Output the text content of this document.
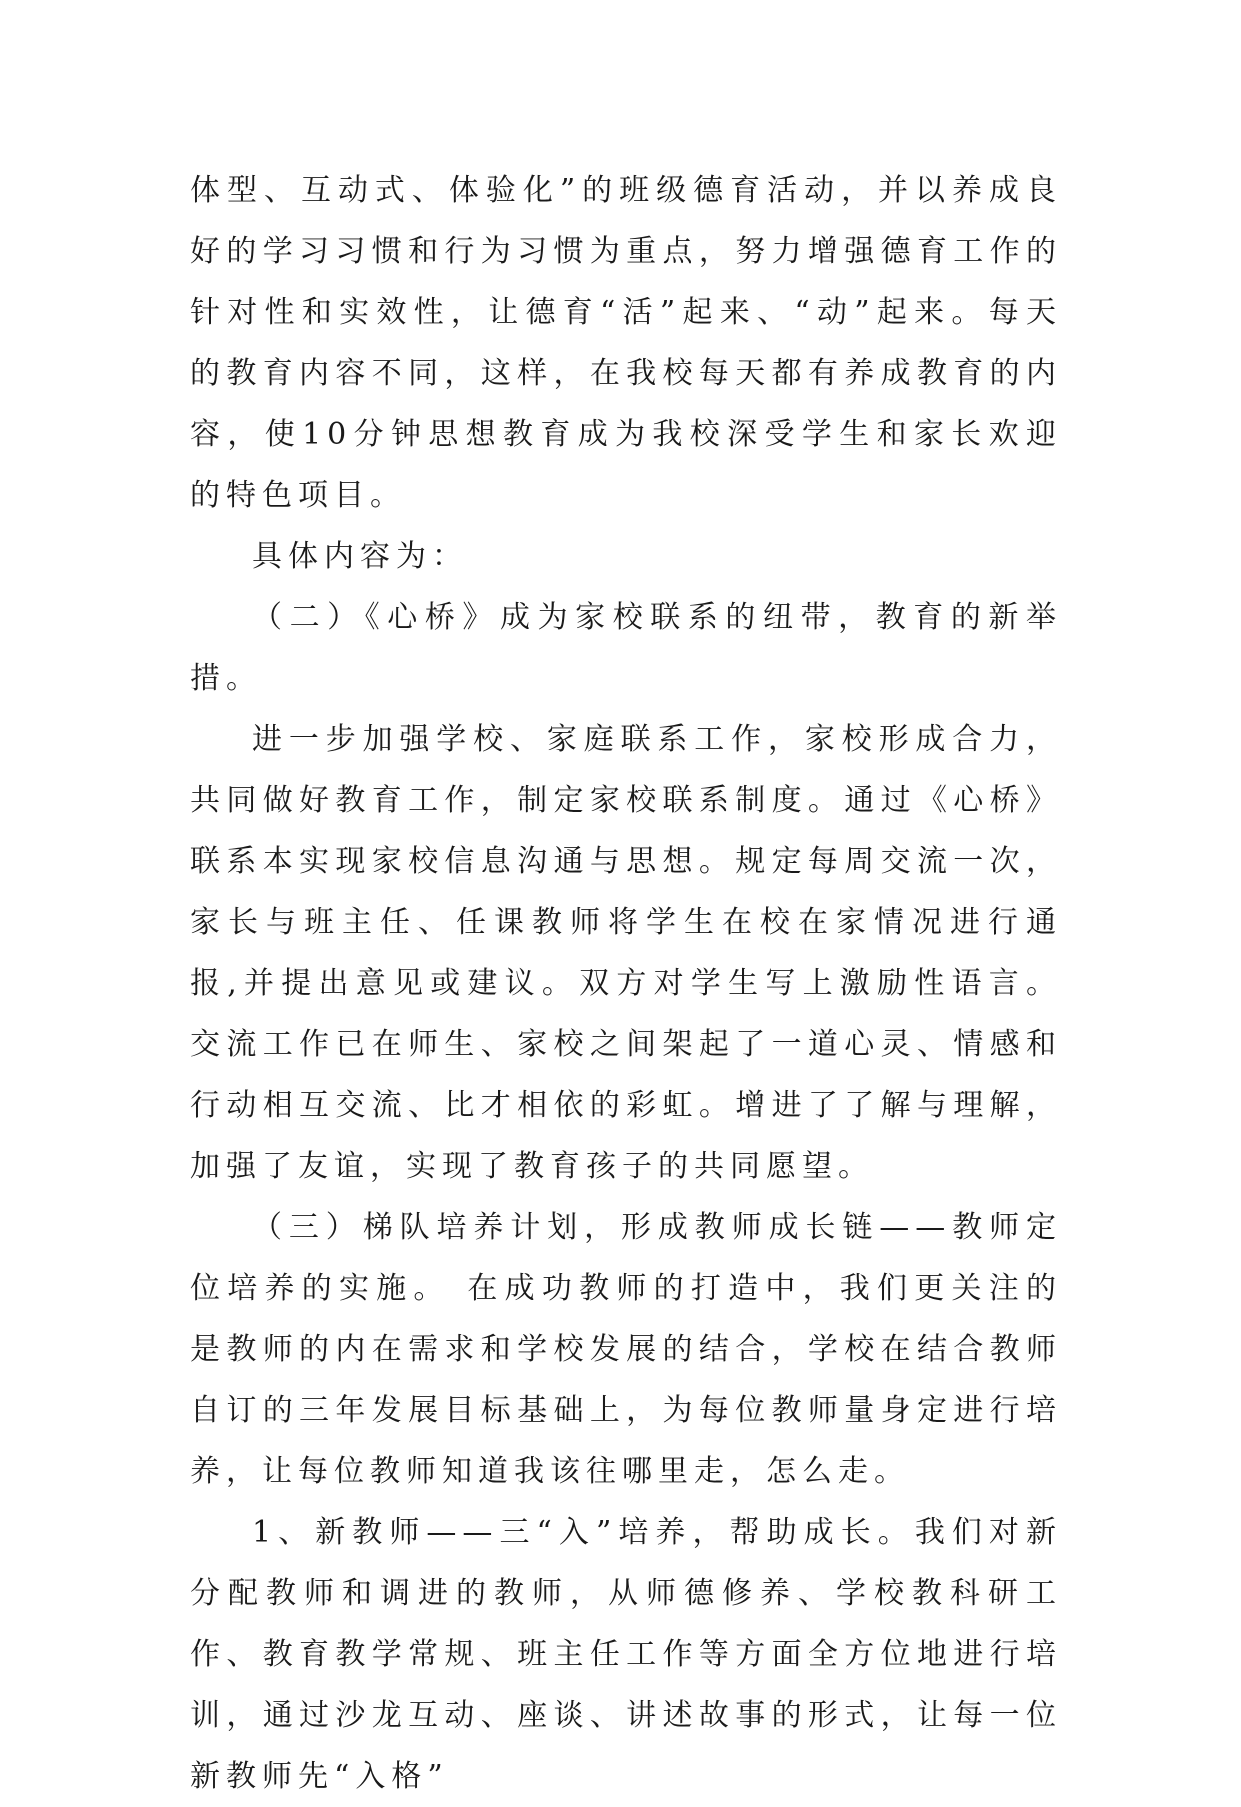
体型、互动式、体验化”的班级德育活动，并以养成良好的学习习惯和行为习惯为重点，努力增强德育工作的针对性和实效性，让德育“活”起来、“动”起来。每天的教育内容不同，这样，在我校每天都有养成教育的内容，使10分钟思想教育成为我校深受学生和家长欢迎的特色项目。

具体内容为：

（二）《心桥》成为家校联系的纽带，教育的新举措。

进一步加强学校、家庭联系工作，家校形成合力，共同做好教育工作，制定家校联系制度。通过《心桥》联系本实现家校信息沟通与思想。规定每周交流一次，家长与班主任、任课教师将学生在校在家情况进行通报,并提出意见或建议。双方对学生写上激励性语言。交流工作已在师生、家校之间架起了一道心灵、情感和行动相互交流、比才相依的彩虹。增进了了解与理解，加强了友谊，实现了教育孩子的共同愿望。

（三）梯队培养计划，形成教师成长链——教师定位培养的实施。 在成功教师的打造中，我们更关注的是教师的内在需求和学校发展的结合，学校在结合教师自订的三年发展目标基础上，为每位教师量身定进行培养，让每位教师知道我该往哪里走，怎么走。

1、新教师——三“入”培养，帮助成长。我们对新分配教师和调进的教师，从师德修养、学校教科研工作、教育教学常规、班主任工作等方面全方位地进行培训，通过沙龙互动、座谈、讲述故事的形式，让每一位新教师先“入格”
